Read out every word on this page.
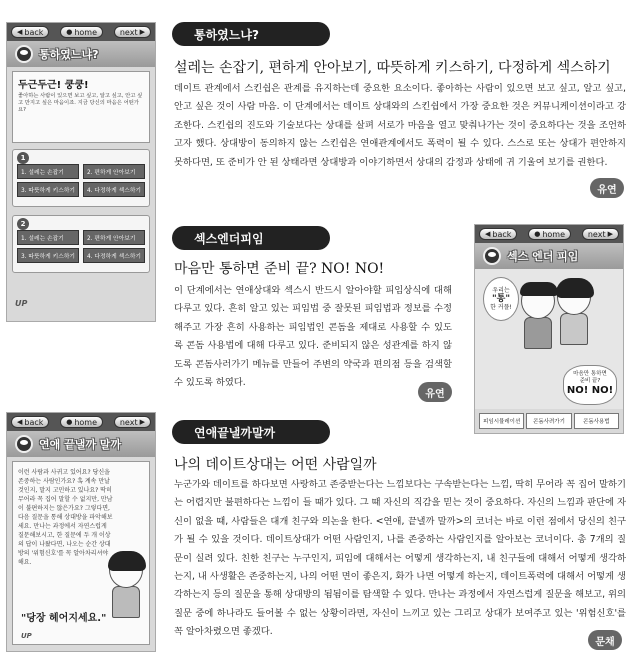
◀ back	● home	next ▶
통하였느냐?
두근두근! 쿵쿵!
좋아하는 사람이 있으면 보고 싶고, 알고 싶고, 안고 싶고 만지고 싶은 마음이죠. 지금 당신의 마음은 어떤가요?
1
1. 설레는 손잡기	2. 편하게 안아보기
3. 따뜻하게 키스하기	4. 다정하게 섹스하기
2
1. 설레는 손잡기	2. 편하게 안아보기
3. 따뜻하게 키스하기	4. 다정하게 섹스하기
UP
통하였느냐?
설레는 손잡기, 편하게 안아보기, 따뜻하게 키스하기, 다정하게 섹스하기
데이트 관계에서 스킨쉽은 관계를 유지하는데 중요한 요소이다. 좋아하는 사람이 있으면 보고 싶고, 알고 싶고, 안고 싶은 것이 사람 마음. 이 단계에서는 데이트 상대와의 스킨쉽에서 가장 중요한 것은 커뮤니케이션이라고 강조한다. 스킨쉽의 진도와 기술보다는 상대를 살펴 서로가 마음을 열고 맞춰나가는 것이 중요하다는 것을 조언하고자 했다. 상대방이 동의하지 않는 스킨쉽은 연애관계에서도 폭력이 될 수 있다. 스스로 또는 상대가 편안하지 못하다면, 또 준비가 안 된 상태라면 상대방과 이야기하면서 상대의 감정과 상태에 귀 기울여 보기를 권한다.
유연
섹스엔더피임
마음만 통하면 준비 끝? NO! NO!
이 단계에서는 연애상대와 섹스시 반드시 알아야할 피임상식에 대해 다루고 있다. 흔히 알고 있는 피임법 중 잘못된 피임법과 정보를 수정해주고 가장 흔히 사용하는 피임법인 콘돔을 제대로 사용할 수 있도록 콘돔 사용법에 대해 다루고 있다. 준비되지 않은 성관계를 하지 않도록 콘돔사러가기 메뉴를 만들어 주변의 약국과 편의점 등을 검색할 수 있도록 하였다.
유연
◀ back	● home	next ▶
섹스 엔더 피임
우리는
"통"
한 커플!
마음만 통하면
준비 끝?
NO! NO!
피임시뮬레이션	콘돔사려가기	콘돔사용법
◀ back	● home	next ▶
연애 끝낼까 말까
이런 사람과 사귀고 있어요? 당신을 존중하는 사람인가요? 혹 계속 만날 것인지, 말지 고민하고 있나요? 딱히 무어라 꼭 집어 말할 수 없지만, 만남이 불편하지는 않은가요? 그렇다면, 다음 질문을 통해 상대방을 파악해보세요. 만나는 과정에서 자연스럽게 질문해보시고, 한 질문에 두 개 이상의 답이 나왔다면, 나오는 순간 상대방의 '위험신호'를 꼭 알아차리셔야 해요.
"당장 헤어지세요."
UP
연애끝낼까말까
나의 데이트상대는 어떤 사람일까
누군가와 데이트를 하다보면 사랑하고 존중받는다는 느낌보다는 구속받는다는 느낌, 딱히 무어라 꼭 집어 말하기는 어렵지만 불편하다는 느낌이 들 때가 있다. 그 때 자신의 직감을 믿는 것이 중요하다. 자신의 느낌과 판단에 자신이 없을 때, 사람들은 대개 친구와 의논을 한다. <연애, 끝낼까 말까>의 코너는 바로 이런 점에서 당신의 친구가 될 수 있을 것이다. 데이트상대가 어떤 사람인지, 나를 존중하는 사람인지를 알아보는 코너이다. 총 7개의 질문이 실려 있다. 친한 친구는 누구인지, 피임에 대해서는 어떻게 생각하는지, 내 친구들에 대해서 어떻게 생각하는지, 내 사생활은 존중하는지, 나의 어떤 면이 좋은지, 화가 나면 어떻게 하는지, 데이트폭력에 대해서 어떻게 생각하는지 등의 질문을 통해 상대방의 됨됨이를 탐색할 수 있다. 만나는 과정에서 자연스럽게 질문을 해보고, 위의 질문 중에 하나라도 들어볼 수 없는 상황이라면, 자신이 느끼고 있는 그리고 상대가 보여주고 있는 '위험신호'를 꼭 알아차렸으면 좋겠다.
문채
